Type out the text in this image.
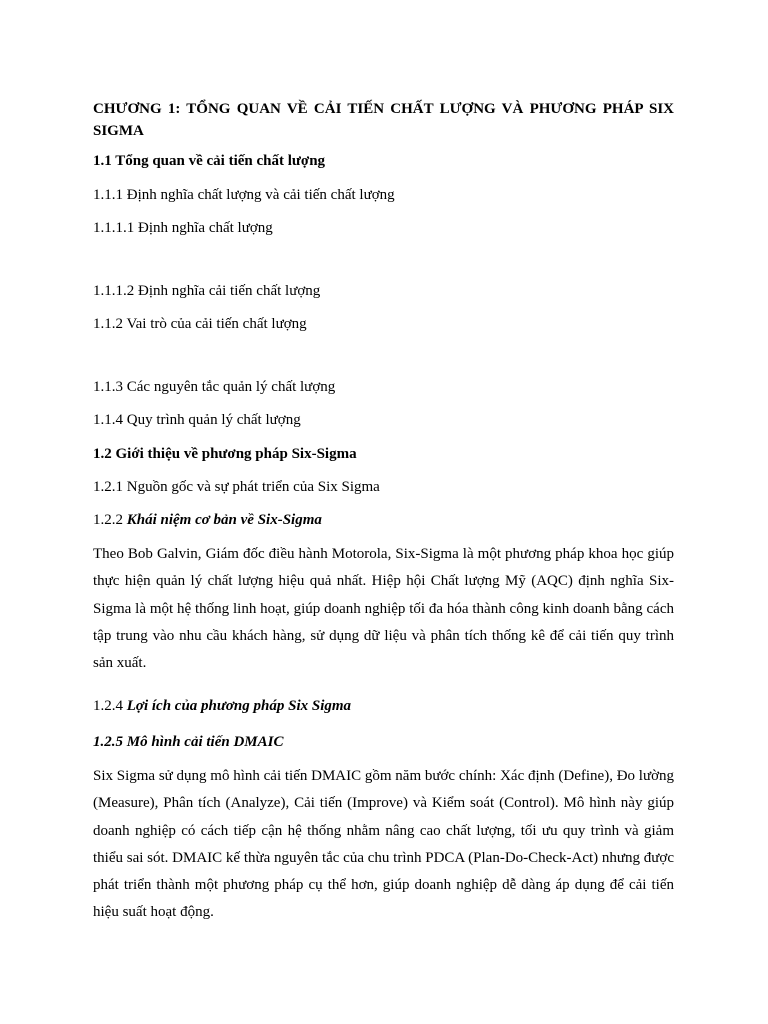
CHƯƠNG 1: TỔNG QUAN VỀ CẢI TIẾN CHẤT LƯỢNG VÀ PHƯƠNG PHÁP SIX SIGMA
1.1 Tổng quan về cải tiến chất lượng
1.1.1 Định nghĩa chất lượng và cải tiến chất lượng
1.1.1.1 Định nghĩa chất lượng
1.1.1.2 Định nghĩa cải tiến chất lượng
1.1.2 Vai trò của cải tiến chất lượng
1.1.3 Các nguyên tắc quản lý chất lượng
1.1.4 Quy trình quản lý chất lượng
1.2 Giới thiệu về phương pháp Six-Sigma
1.2.1 Nguồn gốc và sự phát triển của Six Sigma
1.2.2 Khái niệm cơ bản về Six-Sigma
Theo Bob Galvin, Giám đốc điều hành Motorola, Six-Sigma là một phương pháp khoa học giúp thực hiện quản lý chất lượng hiệu quả nhất. Hiệp hội Chất lượng Mỹ (AQC) định nghĩa Six-Sigma là một hệ thống linh hoạt, giúp doanh nghiệp tối đa hóa thành công kinh doanh bằng cách tập trung vào nhu cầu khách hàng, sử dụng dữ liệu và phân tích thống kê để cải tiến quy trình sản xuất.
1.2.4 Lợi ích của phương pháp Six Sigma
1.2.5 Mô hình cải tiến DMAIC
Six Sigma sử dụng mô hình cải tiến DMAIC gồm năm bước chính: Xác định (Define), Đo lường (Measure), Phân tích (Analyze), Cải tiến (Improve) và Kiểm soát (Control). Mô hình này giúp doanh nghiệp có cách tiếp cận hệ thống nhằm nâng cao chất lượng, tối ưu quy trình và giảm thiểu sai sót. DMAIC kế thừa nguyên tắc của chu trình PDCA (Plan-Do-Check-Act) nhưng được phát triển thành một phương pháp cụ thể hơn, giúp doanh nghiệp dễ dàng áp dụng để cải tiến hiệu suất hoạt động.
